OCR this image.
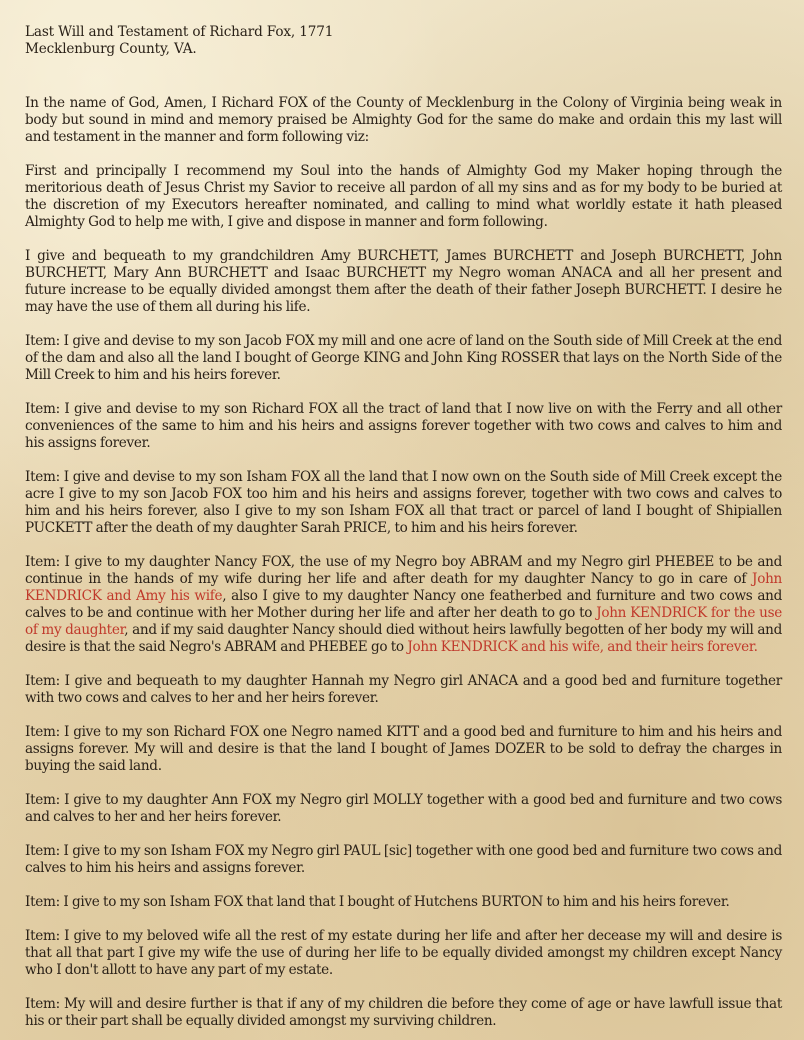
Last Will and Testament of Richard Fox, 1771
Mecklenburg County, VA.

In the name of God, Amen, I Richard FOX of the County of Mecklenburg in the Colony of Virginia being weak in body but sound in mind and memory praised be Almighty God for the same do make and ordain this my last will and testament in the manner and form following viz:

First and principally I recommend my Soul into the hands of Almighty God my Maker hoping through the meritorious death of Jesus Christ my Savior to receive all pardon of all my sins and as for my body to be buried at the discretion of my Executors hereafter nominated, and calling to mind what worldly estate it hath pleased Almighty God to help me with, I give and dispose in manner and form following.

I give and bequeath to my grandchildren Amy BURCHETT, James BURCHETT and Joseph BURCHETT, John BURCHETT, Mary Ann BURCHETT and Isaac BURCHETT my Negro woman ANACA and all her present and future increase to be equally divided amongst them after the death of their father Joseph BURCHETT. I desire he may have the use of them all during his life.

Item: I give and devise to my son Jacob FOX my mill and one acre of land on the South side of Mill Creek at the end of the dam and also all the land I bought of George KING and John King ROSSER that lays on the North Side of the Mill Creek to him and his heirs forever.

Item: I give and devise to my son Richard FOX all the tract of land that I now live on with the Ferry and all other conveniences of the same to him and his heirs and assigns forever together with two cows and calves to him and his assigns forever.

Item: I give and devise to my son Isham FOX all the land that I now own on the South side of Mill Creek except the acre I give to my son Jacob FOX too him and his heirs and assigns forever, together with two cows and calves to him and his heirs forever, also I give to my son Isham FOX all that tract or parcel of land I bought of Shipiallen PUCKETT after the death of my daughter Sarah PRICE, to him and his heirs forever.

Item: I give to my daughter Nancy FOX, the use of my Negro boy ABRAM and my Negro girl PHEBEE to be and continue in the hands of my wife during her life and after death for my daughter Nancy to go in care of John KENDRICK and Amy his wife, also I give to my daughter Nancy one featherbed and furniture and two cows and calves to be and continue with her Mother during her life and after her death to go to John KENDRICK for the use of my daughter, and if my said daughter Nancy should died without heirs lawfully begotten of her body my will and desire is that the said Negro's ABRAM and PHEBEE go to John KENDRICK and his wife, and their heirs forever.

Item: I give and bequeath to my daughter Hannah my Negro girl ANACA and a good bed and furniture together with two cows and calves to her and her heirs forever.

Item: I give to my son Richard FOX one Negro named KITT and a good bed and furniture to him and his heirs and assigns forever. My will and desire is that the land I bought of James DOZER to be sold to defray the charges in buying the said land.

Item: I give to my daughter Ann FOX my Negro girl MOLLY together with a good bed and furniture and two cows and calves to her and her heirs forever.

Item: I give to my son Isham FOX my Negro girl PAUL [sic] together with one good bed and furniture two cows and calves to him his heirs and assigns forever.

Item: I give to my son Isham FOX that land that I bought of Hutchens BURTON to him and his heirs forever.

Item: I give to my beloved wife all the rest of my estate during her life and after her decease my will and desire is that all that part I give my wife the use of during her life to be equally divided amongst my children except Nancy who I don't allott to have any part of my estate.

Item: My will and desire further is that if any of my children die before they come of age or have lawfull issue that his or their part shall be equally divided amongst my surviving children.
